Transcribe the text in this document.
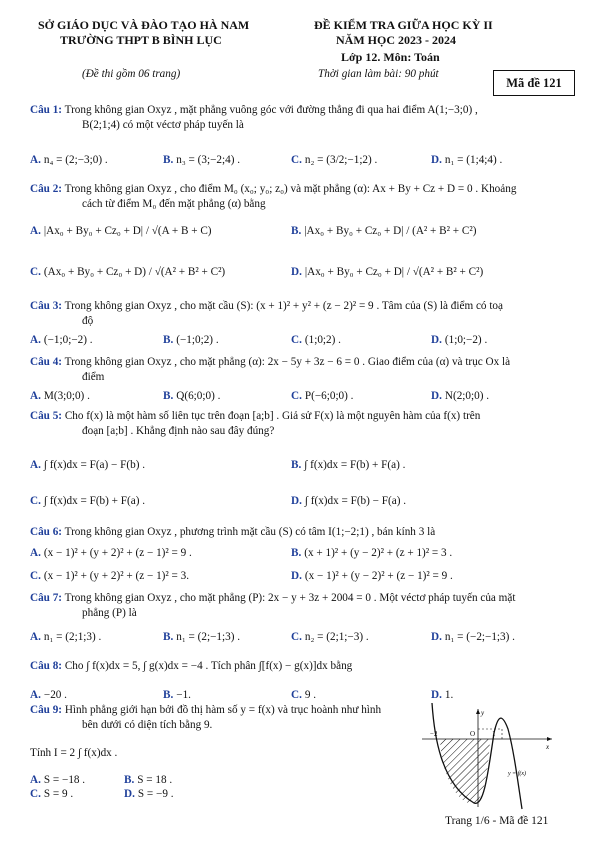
SỞ GIÁO DỤC VÀ ĐÀO TẠO HÀ NAM
TRƯỜNG THPT B BÌNH LỤC
(Đề thi gồm 06 trang)
ĐỀ KIỂM TRA GIỮA HỌC KỲ II
NĂM HỌC 2023 - 2024
Lớp 12. Môn: Toán
Thời gian làm bài: 90 phút
Mã đề 121
Câu 1: Trong không gian Oxyz , mặt phẳng vuông góc với đường thẳng đi qua hai điểm A(1;−3;0) ,
B(2;1;4) có một véctơ pháp tuyến là
A. n₄ = (2;−3;0) .	B. n₃ = (3;−2;4) .	C. n₂ = (3/2;−1;2) .	D. n₁ = (1;4;4) .
Câu 2: Trong không gian Oxyz , cho điểm M₀ (x₀; y₀; z₀) và mặt phẳng (α): Ax + By + Cz + D = 0 . Khoảng
cách từ điểm M₀ đến mặt phẳng (α) bằng
A. |Ax₀ + By₀ + Cz₀ + D| / √(A + B + C)	B. |Ax₀ + By₀ + Cz₀ + D| / (A² + B² + C²)
C. (Ax₀ + By₀ + Cz₀ + D) / √(A² + B² + C²)	D. |Ax₀ + By₀ + Cz₀ + D| / √(A² + B² + C²)
Câu 3: Trong không gian Oxyz , cho mặt cầu (S): (x + 1)² + y² + (z − 2)² = 9 . Tâm của (S) là điểm có toạ
độ
A. (−1;0;−2) .	B. (−1;0;2) .	C. (1;0;2) .	D. (1;0;−2) .
Câu 4: Trong không gian Oxyz , cho mặt phẳng (α): 2x − 5y + 3z − 6 = 0 . Giao điểm của (α) và trục Ox là
điểm
A. M(3;0;0) .	B. Q(6;0;0) .	C. P(−6;0;0) .	D. N(2;0;0) .
Câu 5: Cho f(x) là một hàm số liên tục trên đoạn [a;b] . Giả sử F(x) là một nguyên hàm của f(x) trên
đoạn [a;b] . Khẳng định nào sau đây đúng?
A. ∫ f(x)dx = F(a) − F(b) .	B. ∫ f(x)dx = F(b) + F(a) .
C. ∫ f(x)dx = F(b) + F(a) .	D. ∫ f(x)dx = F(b) − F(a) .
Câu 6: Trong không gian Oxyz , phương trình mặt cầu (S) có tâm I(1;−2;1) , bán kính 3 là
A. (x − 1)² + (y + 2)² + (z − 1)² = 9 .	B. (x + 1)² + (y − 2)² + (z + 1)² = 3 .
C. (x − 1)² + (y + 2)² + (z − 1)² = 3.	D. (x − 1)² + (y − 2)² + (z − 1)² = 9 .
Câu 7: Trong không gian Oxyz , cho mặt phẳng (P): 2x − y + 3z + 2004 = 0 . Một véctơ pháp tuyến của mặt
phẳng (P) là
A. n₁ = (2;1;3) .	B. n₁ = (2;−1;3) .	C. n₂ = (2;1;−3) .	D. n₁ = (−2;−1;3) .
Câu 8: Cho ∫ f(x)dx = 5, ∫ g(x)dx = −4 . Tích phân ∫[f(x) − g(x)]dx bằng
A. −20 .	B. −1.	C. 9 .	D. 1.
Câu 9: Hình phẳng giới hạn bởi đồ thị hàm số y = f(x) và trục hoành như hình
bên dưới có diện tích bằng 9.
Tính I = 2 ∫ f(x)dx .
A. S = −18 .	B. S = 18 .
C. S = 9 .	D. S = −9 .
y
x
O
−2	1
y = f(x)
Trang 1/6 - Mã đề 121
